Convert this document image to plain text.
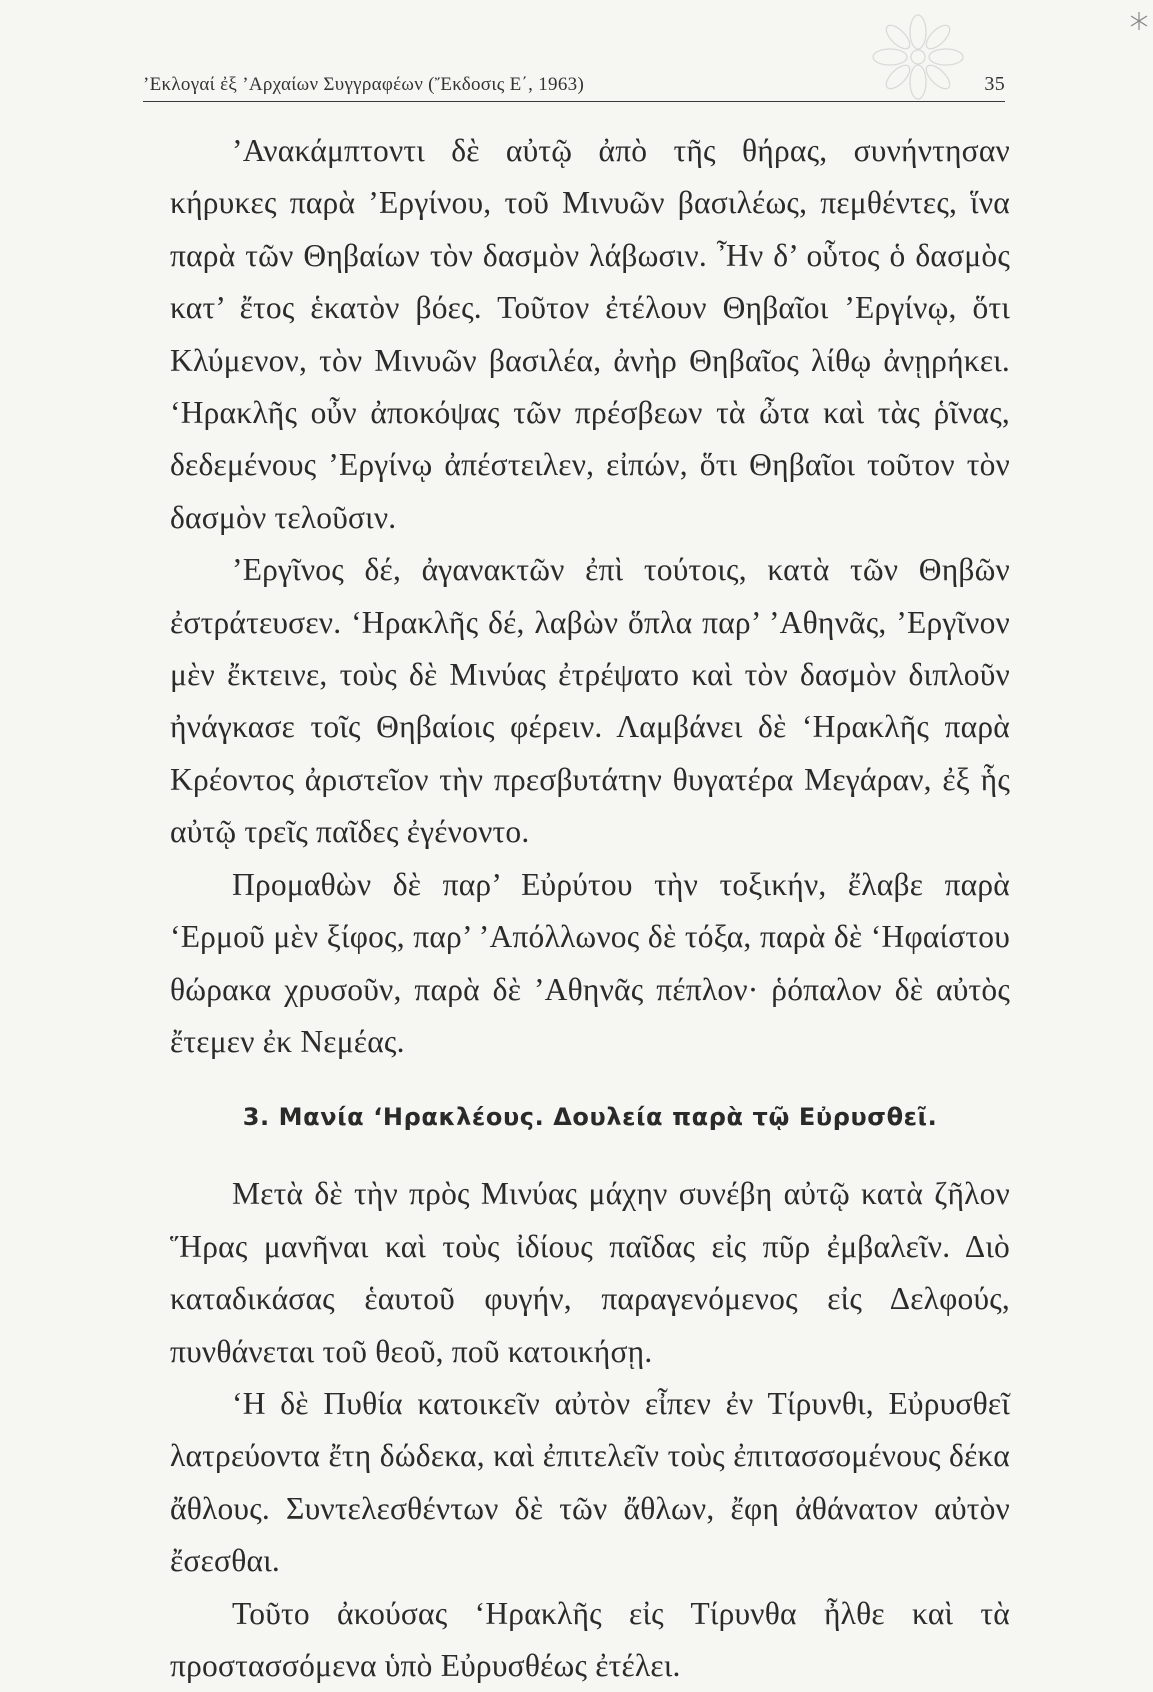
’Εκλογαί ἐξ ’Αρχαίων Συγγραφέων (Ἔκδοσις Ε΄, 1963)	35

’Ανακάμπτοντι δὲ αὐτῷ ἀπὸ τῆς θήρας, συνήντησαν κήρυκες παρὰ ’Εργίνου, τοῦ Μινυῶν βασιλέως, πεμθέντες, ἵνα παρὰ τῶν Θηβαίων τὸν δασμὸν λάβωσιν. Ἦν δ’ οὗτος ὁ δασμὸς κατ’ ἔτος ἑκατὸν βόες. Τοῦτον ἐτέλουν Θηβαῖοι ’Εργίνῳ, ὅτι Κλύμενον, τὸν Μινυῶν βασιλέα, ἀνὴρ Θηβαῖος λίθῳ ἀνῃρήκει. ‘Ηρακλῆς οὖν ἀποκόψας τῶν πρέσβεων τὰ ὦτα καὶ τὰς ῥῖνας, δεδεμένους ’Εργίνῳ ἀπέστειλεν, εἰπών, ὅτι Θηβαῖοι τοῦτον τὸν δασμὸν τελοῦσιν.

’Εργῖνος δέ, ἀγανακτῶν ἐπὶ τούτοις, κατὰ τῶν Θηβῶν ἐστράτευσεν. ‘Ηρακλῆς δέ, λαβὼν ὅπλα παρ’ ’Αθηνᾶς, ’Εργῖνον μὲν ἔκτεινε, τοὺς δὲ Μινύας ἐτρέψατο καὶ τὸν δασμὸν διπλοῦν ἠνάγκασε τοῖς Θηβαίοις φέρειν. Λαμβάνει δὲ ‘Ηρακλῆς παρὰ Κρέοντος ἀριστεῖον τὴν πρεσβυτάτην θυγατέρα Μεγάραν, ἐξ ἧς αὐτῷ τρεῖς παῖδες ἐγένοντο.

Προμαθὼν δὲ παρ’ Εὐρύτου τὴν τοξικήν, ἔλαβε παρὰ ‘Ερμοῦ μὲν ξίφος, παρ’ ’Απόλλωνος δὲ τόξα, παρὰ δὲ ‘Ηφαίστου θώρακα χρυσοῦν, παρὰ δὲ ’Αθηνᾶς πέπλον· ῥόπαλον δὲ αὐτὸς ἔτεμεν ἐκ Νεμέας.

3. Μανία ‘Ηρακλέους. Δουλεία παρὰ τῷ Εὐρυσθεῖ.

Μετὰ δὲ τὴν πρὸς Μινύας μάχην συνέβη αὐτῷ κατὰ ζῆλον Ἥρας μανῆναι καὶ τοὺς ἰδίους παῖδας εἰς πῦρ ἐμβαλεῖν. Διὸ καταδικάσας ἑαυτοῦ φυγήν, παραγενόμενος εἰς Δελφούς, πυνθάνεται τοῦ θεοῦ, ποῦ κατοικήσῃ.

‘Η δὲ Πυθία κατοικεῖν αὐτὸν εἶπεν ἐν Τίρυνθι, Εὐρυσθεῖ λατρεύοντα ἔτη δώδεκα, καὶ ἐπιτελεῖν τοὺς ἐπιτασσομένους δέκα ἄθλους. Συντελεσθέντων δὲ τῶν ἄθλων, ἔφη ἀθάνατον αὐτὸν ἔσεσθαι.

Τοῦτο ἀκούσας ‘Ηρακλῆς εἰς Τίρυνθα ἦλθε καὶ τὰ προστασσόμενα ὑπὸ Εὐρυσθέως ἐτέλει.
